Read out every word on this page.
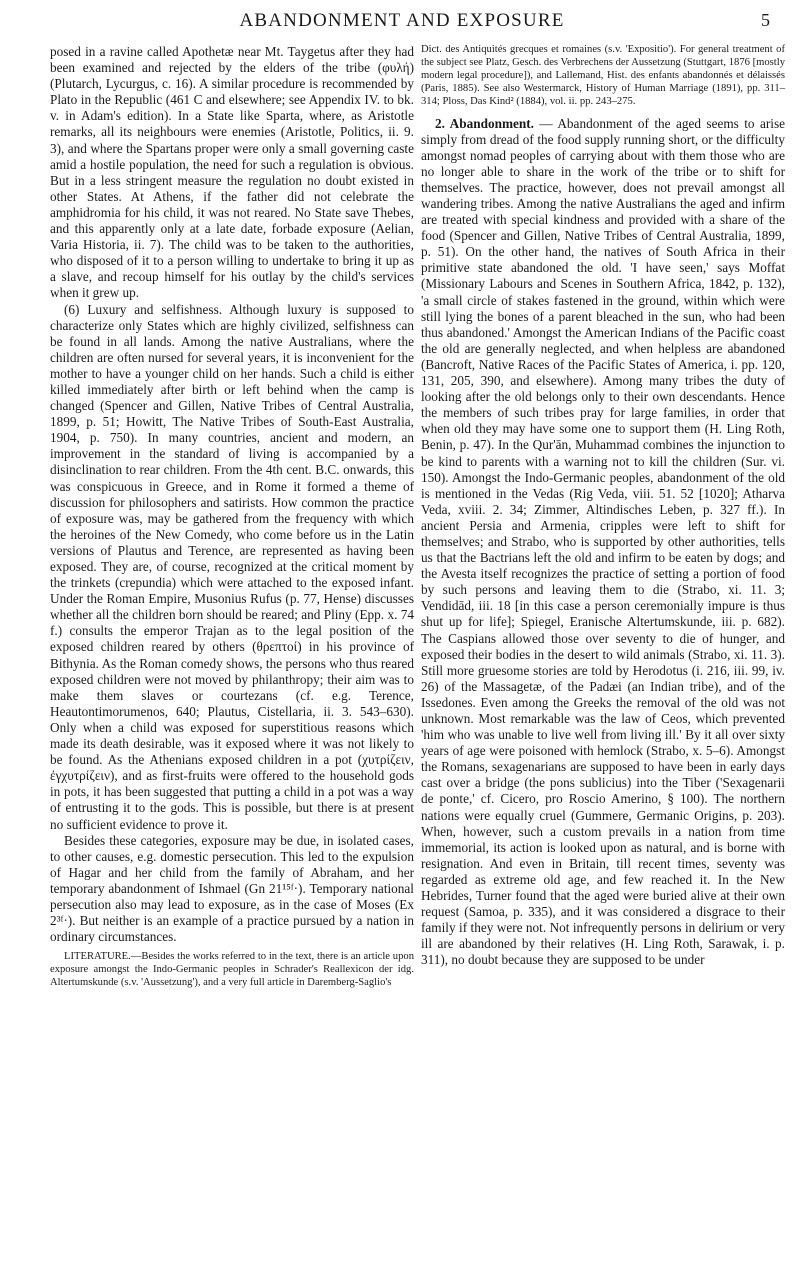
ABANDONMENT AND EXPOSURE	5

posed in a ravine called Apothetæ near Mt. Taygetus after they had been examined and rejected by the elders of the tribe (φυλή) (Plutarch, Lycurgus, c. 16). A similar procedure is recommended by Plato in the Republic (461 C and elsewhere; see Appendix IV. to bk. v. in Adam's edition). In a State like Sparta, where, as Aristotle remarks, all its neighbours were enemies (Aristotle, Politics, ii. 9. 3), and where the Spartans proper were only a small governing caste amid a hostile population, the need for such a regulation is obvious. But in a less stringent measure the regulation no doubt existed in other States. At Athens, if the father did not celebrate the amphidromia for his child, it was not reared. No State save Thebes, and this apparently only at a late date, forbade exposure (Aelian, Varia Historia, ii. 7). The child was to be taken to the authorities, who disposed of it to a person willing to undertake to bring it up as a slave, and recoup himself for his outlay by the child's services when it grew up.

(6) Luxury and selfishness. Although luxury is supposed to characterize only States which are highly civilized, selfishness can be found in all lands. Among the native Australians, where the children are often nursed for several years, it is inconvenient for the mother to have a younger child on her hands. Such a child is either killed immediately after birth or left behind when the camp is changed (Spencer and Gillen, Native Tribes of Central Australia, 1899, p. 51; Howitt, The Native Tribes of South-East Australia, 1904, p. 750). In many countries, ancient and modern, an improvement in the standard of living is accompanied by a disinclination to rear children. From the 4th cent. B.C. onwards, this was conspicuous in Greece, and in Rome it formed a theme of discussion for philosophers and satirists. How common the practice of exposure was, may be gathered from the frequency with which the heroines of the New Comedy, who come before us in the Latin versions of Plautus and Terence, are represented as having been exposed. They are, of course, recognized at the critical moment by the trinkets (crepundia) which were attached to the exposed infant. Under the Roman Empire, Musonius Rufus (p. 77, Hense) discusses whether all the children born should be reared; and Pliny (Epp. x. 74 f.) consults the emperor Trajan as to the legal position of the exposed children reared by others (θρεπτοί) in his province of Bithynia. As the Roman comedy shows, the persons who thus reared exposed children were not moved by philanthropy; their aim was to make them slaves or courtezans (cf. e.g. Terence, Heautontimorumenos, 640; Plautus, Cistellaria, ii. 3. 543–630). Only when a child was exposed for superstitious reasons which made its death desirable, was it exposed where it was not likely to be found. As the Athenians exposed children in a pot (χυτρίζειν, ἐγχυτρίζειν), and as first-fruits were offered to the household gods in pots, it has been suggested that putting a child in a pot was a way of entrusting it to the gods. This is possible, but there is at present no sufficient evidence to prove it.

Besides these categories, exposure may be due, in isolated cases, to other causes, e.g. domestic persecution. This led to the expulsion of Hagar and her child from the family of Abraham, and her temporary abandonment of Ishmael (Gn 21¹⁵ᶠ·). Temporary national persecution also may lead to exposure, as in the case of Moses (Ex 2³ᶠ·). But neither is an example of a practice pursued by a nation in ordinary circumstances.

LITERATURE.—Besides the works referred to in the text, there is an article upon exposure amongst the Indo-Germanic peoples in Schrader's Reallexicon der idg. Altertumskunde (s.v. 'Aussetzung'), and a very full article in Daremberg-Saglio's

Dict. des Antiquités grecques et romaines (s.v. 'Expositio'). For general treatment of the subject see Platz, Gesch. des Verbrechens der Aussetzung (Stuttgart, 1876 [mostly modern legal procedure]), and Lallemand, Hist. des enfants abandonnés et délaissés (Paris, 1885). See also Westermarck, History of Human Marriage (1891), pp. 311–314; Ploss, Das Kind² (1884), vol. ii. pp. 243–275.

2. Abandonment. — Abandonment of the aged seems to arise simply from dread of the food supply running short, or the difficulty amongst nomad peoples of carrying about with them those who are no longer able to share in the work of the tribe or to shift for themselves. The practice, however, does not prevail amongst all wandering tribes. Among the native Australians the aged and infirm are treated with special kindness and provided with a share of the food (Spencer and Gillen, Native Tribes of Central Australia, 1899, p. 51). On the other hand, the natives of South Africa in their primitive state abandoned the old. 'I have seen,' says Moffat (Missionary Labours and Scenes in Southern Africa, 1842, p. 132), 'a small circle of stakes fastened in the ground, within which were still lying the bones of a parent bleached in the sun, who had been thus abandoned.' Amongst the American Indians of the Pacific coast the old are generally neglected, and when helpless are abandoned (Bancroft, Native Races of the Pacific States of America, i. pp. 120, 131, 205, 390, and elsewhere). Among many tribes the duty of looking after the old belongs only to their own descendants. Hence the members of such tribes pray for large families, in order that when old they may have some one to support them (H. Ling Roth, Benin, p. 47). In the Qur'ān, Muhammad combines the injunction to be kind to parents with a warning not to kill the children (Sur. vi. 150). Amongst the Indo-Germanic peoples, abandonment of the old is mentioned in the Vedas (Rig Veda, viii. 51. 52 [1020]; Atharva Veda, xviii. 2. 34; Zimmer, Altindisches Leben, p. 327 ff.). In ancient Persia and Armenia, cripples were left to shift for themselves; and Strabo, who is supported by other authorities, tells us that the Bactrians left the old and infirm to be eaten by dogs; and the Avesta itself recognizes the practice of setting a portion of food by such persons and leaving them to die (Strabo, xi. 11. 3; Vendidād, iii. 18 [in this case a person ceremonially impure is thus shut up for life]; Spiegel, Eranische Altertumskunde, iii. p. 682). The Caspians allowed those over seventy to die of hunger, and exposed their bodies in the desert to wild animals (Strabo, xi. 11. 3). Still more gruesome stories are told by Herodotus (i. 216, iii. 99, iv. 26) of the Massagetæ, of the Padæi (an Indian tribe), and of the Issedones. Even among the Greeks the removal of the old was not unknown. Most remarkable was the law of Ceos, which prevented 'him who was unable to live well from living ill.' By it all over sixty years of age were poisoned with hemlock (Strabo, x. 5–6). Amongst the Romans, sexagenarians are supposed to have been in early days cast over a bridge (the pons sublicius) into the Tiber ('Sexagenarii de ponte,' cf. Cicero, pro Roscio Amerino, § 100). The northern nations were equally cruel (Gummere, Germanic Origins, p. 203). When, however, such a custom prevails in a nation from time immemorial, its action is looked upon as natural, and is borne with resignation. And even in Britain, till recent times, seventy was regarded as extreme old age, and few reached it. In the New Hebrides, Turner found that the aged were buried alive at their own request (Samoa, p. 335), and it was considered a disgrace to their family if they were not. Not infrequently persons in delirium or very ill are abandoned by their relatives (H. Ling Roth, Sarawak, i. p. 311), no doubt because they are supposed to be under
